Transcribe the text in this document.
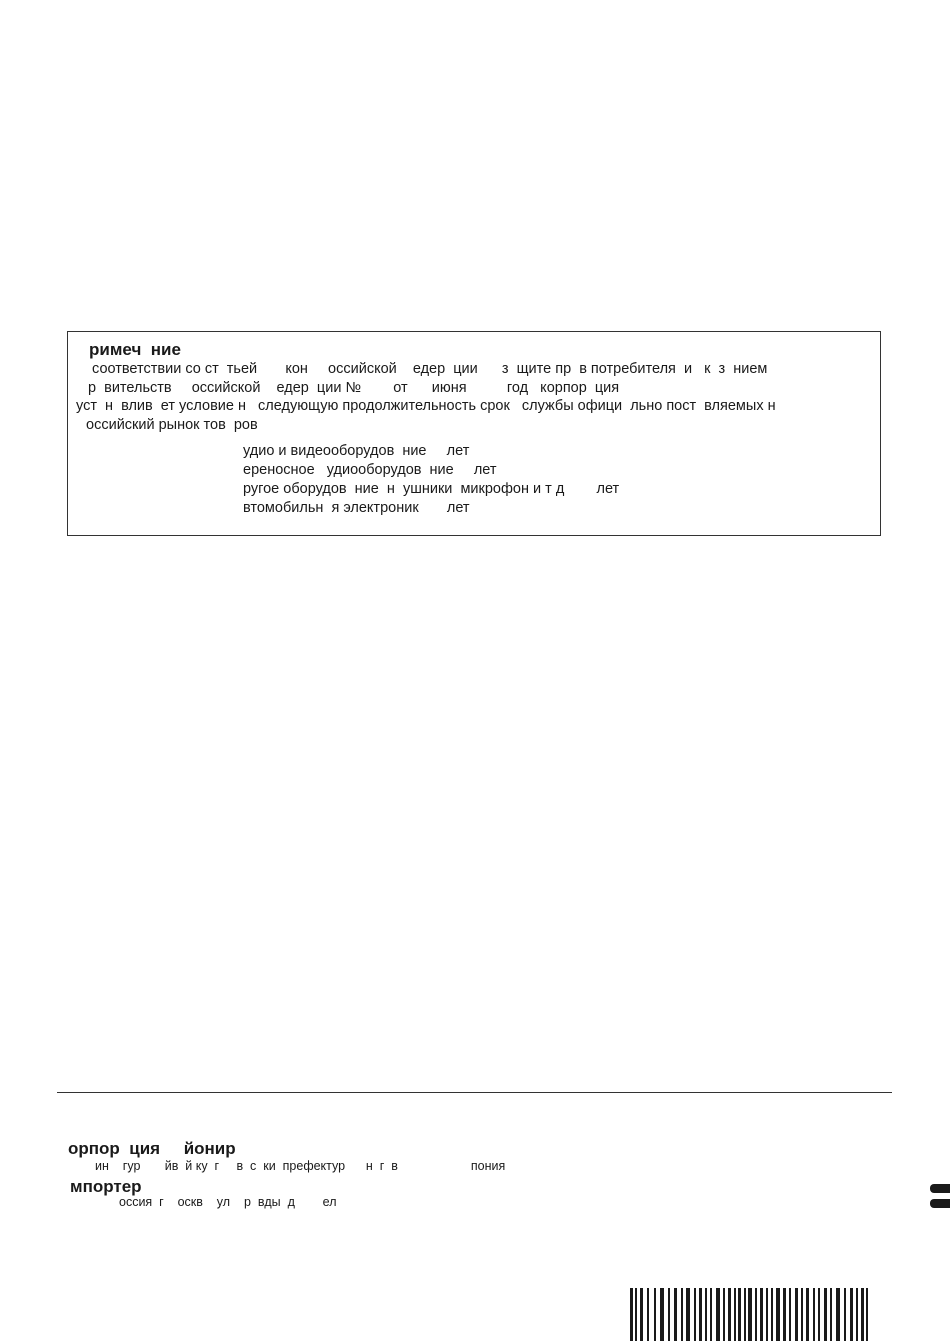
римеч  ние
соответствии со ст  тьей       кон     оссийской    едер  ции      з  щите пр  в потребителя  и   к  з  нием
р  вительств     оссийской    едер  ции №        от      июня          год   корпор  ция
уст  н  влив  ет условие н   следующую продолжительность срок   службы офици  льно пост  вляемых н
оссийский рынок тов  ров
удио и видеооборудов  ние     лет
ереносное   удиооборудов  ние     лет
ругое оборудов  ние  н  ушники  микрофон и т д        лет
втомобильн  я электроник       лет
орпор  ция     йонир
ин    гур       йв  й ку  г     в  с  ки  префектур      н  г  в                     пония
мпортер
оссия  г    оскв    ул    р  вды  д        ел
